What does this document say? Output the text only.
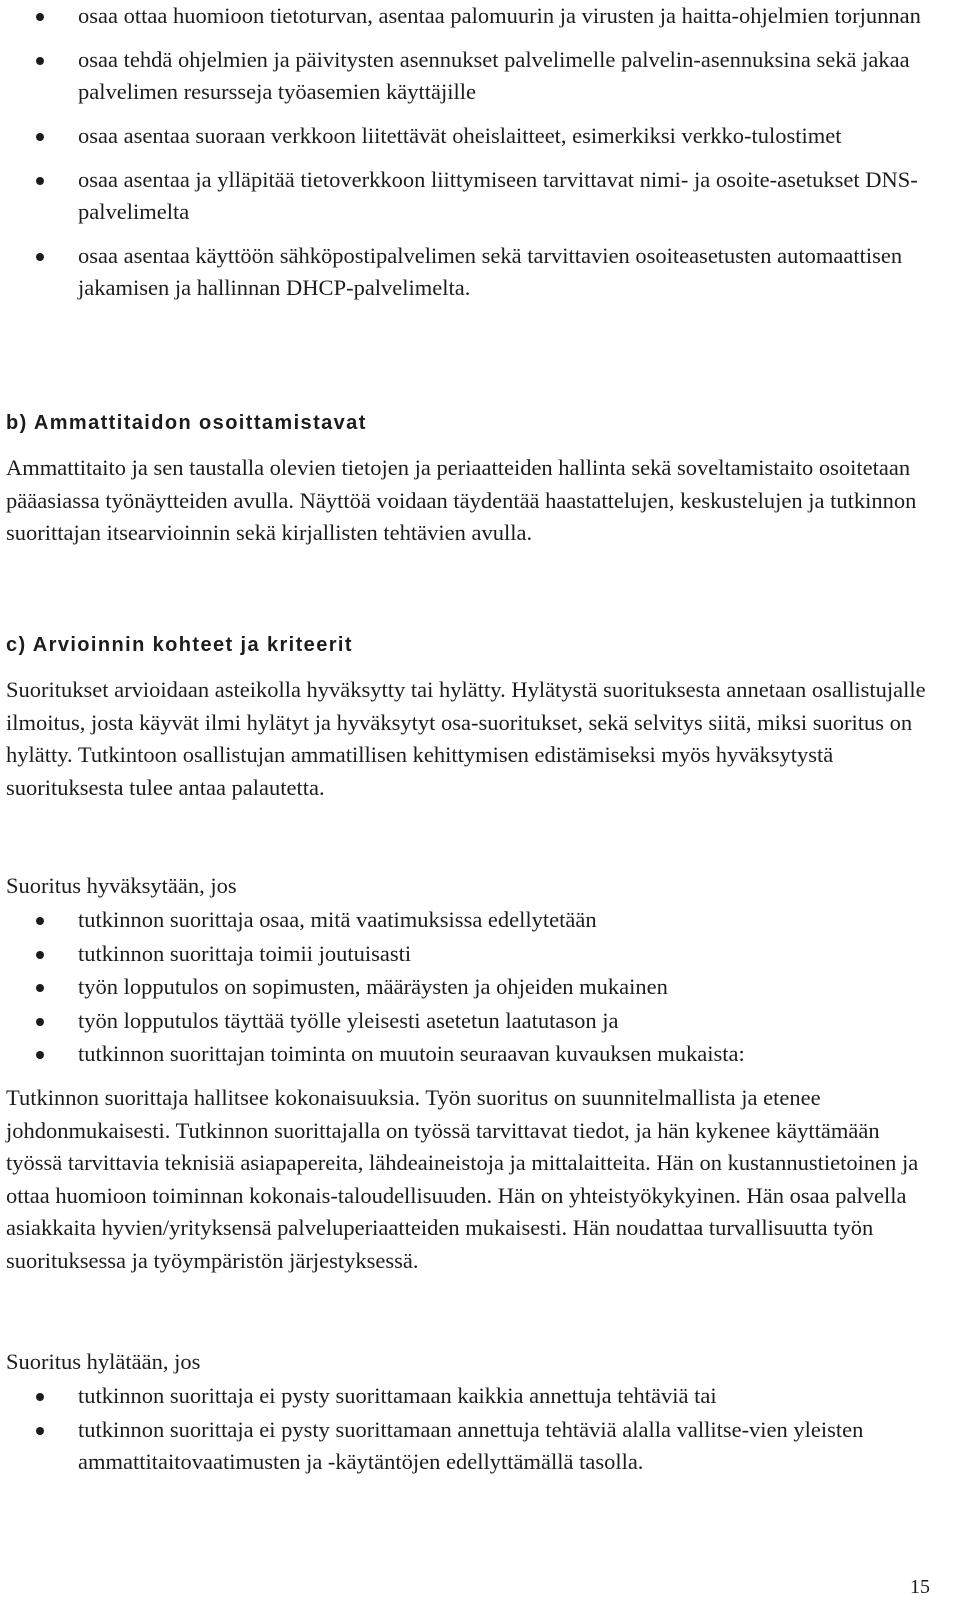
osaa ottaa huomioon tietoturvan, asentaa palomuurin ja virusten ja haitta-ohjelmien torjunnan
osaa tehdä ohjelmien ja päivitysten asennukset palvelimelle palvelin-asennuksina sekä jakaa palvelimen resursseja työasemien käyttäjille
osaa asentaa suoraan verkkoon liitettävät oheislaitteet, esimerkiksi verkko-tulostimet
osaa asentaa ja ylläpitää tietoverkkoon liittymiseen tarvittavat nimi- ja osoite-asetukset DNS-palvelimelta
osaa asentaa käyttöön sähköpostipalvelimen sekä tarvittavien osoiteasetusten automaattisen jakamisen ja hallinnan DHCP-palvelimelta.
b) Ammattitaidon osoittamistavat

Ammattitaito ja sen taustalla olevien tietojen ja periaatteiden hallinta sekä soveltamistaito osoitetaan pääasiassa työnäytteiden avulla. Näyttöä voidaan täydentää haastattelujen, keskustelujen ja tutkinnon suorittajan itsearvioinnin sekä kirjallisten tehtävien avulla.

c) Arvioinnin kohteet ja kriteerit

Suoritukset arvioidaan asteikolla hyväksytty tai hylätty. Hylätystä suorituksesta annetaan osallistujalle ilmoitus, josta käyvät ilmi hylätyt ja hyväksytyt osa-suoritukset, sekä selvitys siitä, miksi suoritus on hylätty. Tutkintoon osallistujan ammatillisen kehittymisen edistämiseksi myös hyväksytystä suorituksesta tulee antaa palautetta.

Suoritus hyväksytään, jos

tutkinnon suorittaja osaa, mitä vaatimuksissa edellytetään
tutkinnon suorittaja toimii joutuisasti
työn lopputulos on sopimusten, määräysten ja ohjeiden mukainen
työn lopputulos täyttää työlle yleisesti asetetun laatutason ja
tutkinnon suorittajan toiminta on muutoin seuraavan kuvauksen mukaista:

Tutkinnon suorittaja hallitsee kokonaisuuksia. Työn suoritus on suunnitelmallista ja etenee johdonmukaisesti. Tutkinnon suorittajalla on työssä tarvittavat tiedot, ja hän kykenee käyttämään työssä tarvittavia teknisiä asiapapereita, lähdeaineistoja ja mittalaitteita. Hän on kustannustietoinen ja ottaa huomioon toiminnan kokonais-taloudellisuuden. Hän on yhteistyökykyinen. Hän osaa palvella asiakkaita hyvien/yrityksensä palveluperiaatteiden mukaisesti. Hän noudattaa turvallisuutta työn suorituksessa ja työympäristön järjestyksessä.

Suoritus hylätään, jos

tutkinnon suorittaja ei pysty suorittamaan kaikkia annettuja tehtäviä tai
tutkinnon suorittaja ei pysty suorittamaan annettuja tehtäviä alalla vallitse-vien yleisten ammattitaitovaatimusten ja -käytäntöjen edellyttämällä tasolla.
15
